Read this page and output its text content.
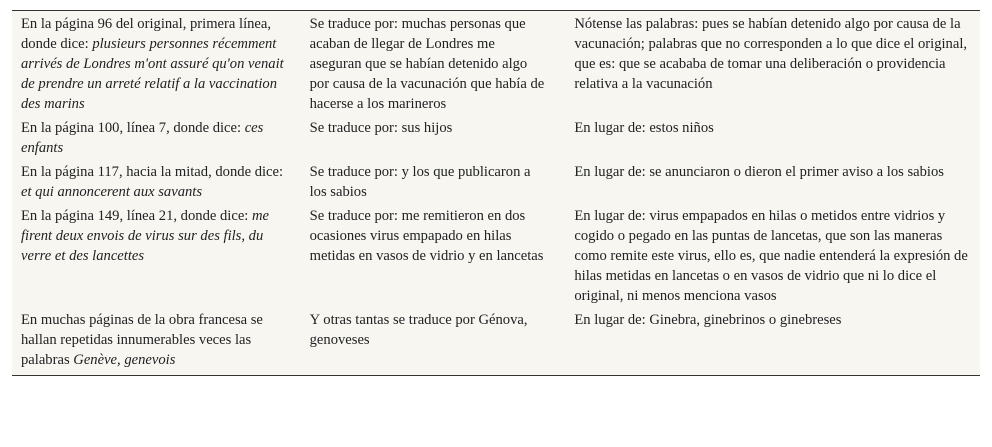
En la página 96 del original, primera línea, donde dice: plusieurs personnes récemment arrivés de Londres m'ont assuré qu'on venait de prendre un arreté relatif a la vaccination des marins	Se traduce por: muchas personas que acaban de llegar de Londres me aseguran que se habían detenido algo por causa de la vacunación que había de hacerse a los marineros	Nótense las palabras: pues se habían detenido algo por causa de la vacunación; palabras que no corresponden a lo que dice el original, que es: que se acababa de tomar una deliberación o providencia relativa a la vacunación
En la página 100, línea 7, donde dice: ces enfants	Se traduce por: sus hijos	En lugar de: estos niños
En la página 117, hacia la mitad, donde dice: et qui annoncerent aux savants	Se traduce por: y los que publicaron a los sabios	En lugar de: se anunciaron o dieron el primer aviso a los sabios
En la página 149, línea 21, donde dice: me firent deux envois de virus sur des fils, du verre et des lancettes	Se traduce por: me remitieron en dos ocasiones virus empapado en hilas metidas en vasos de vidrio y en lancetas	En lugar de: virus empapados en hilas o metidos entre vidrios y cogido o pegado en las puntas de lancetas, que son las maneras como remite este virus, ello es, que nadie entenderá la expresión de hilas metidas en lancetas o en vasos de vidrio que ni lo dice el original, ni menos menciona vasos
En muchas páginas de la obra francesa se hallan repetidas innumerables veces las palabras Genève, genevois	Y otras tantas se traduce por Génova, genoveses	En lugar de: Ginebra, ginebrinos o ginebreses
